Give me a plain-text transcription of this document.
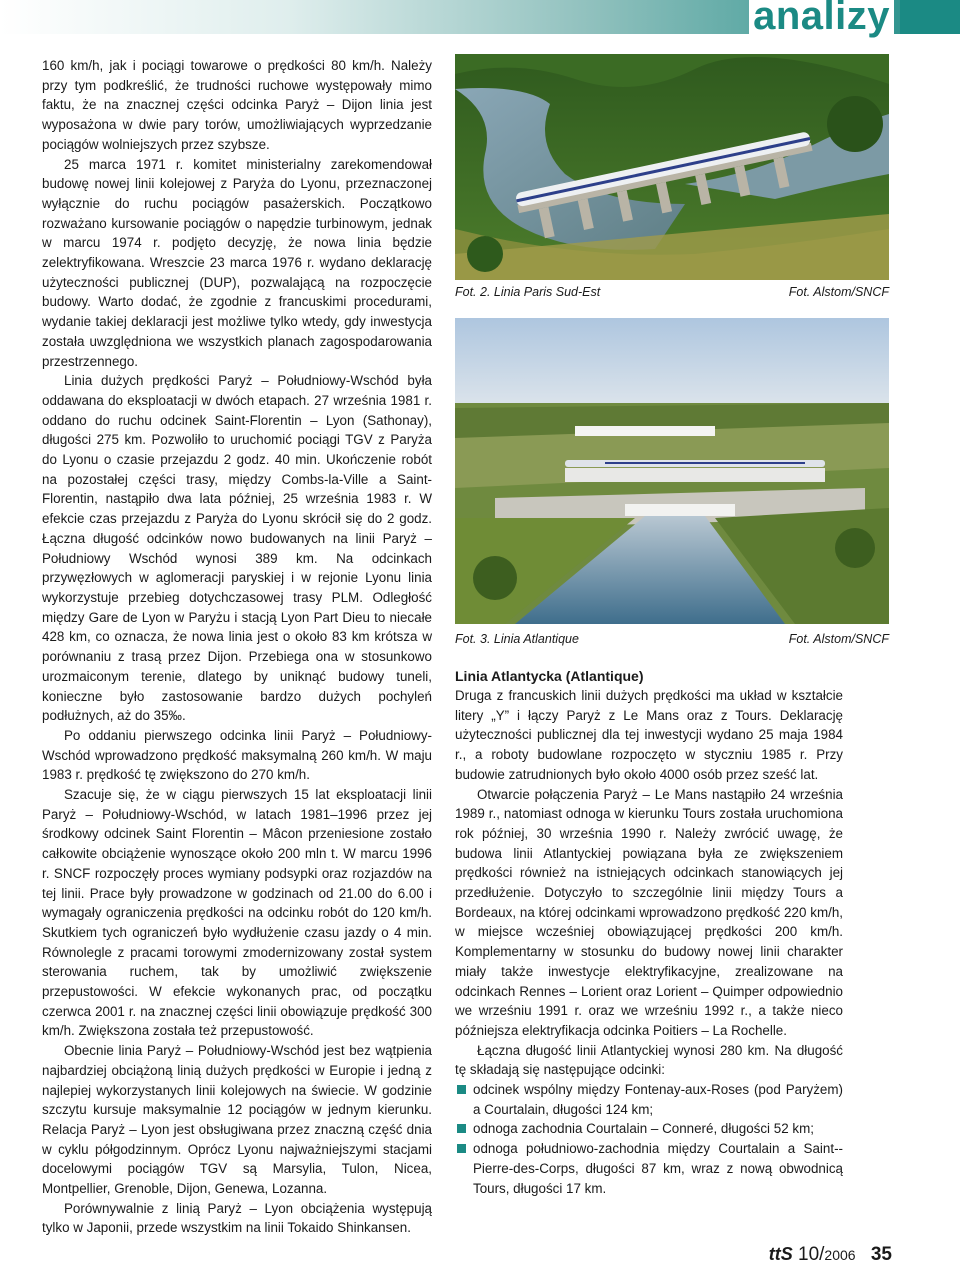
analizy

160 km/h, jak i pociągi towarowe o prędkości 80 km/h. Należy przy tym podkreślić, że trudności ruchowe występowały mimo faktu, że na znacznej części odcinka Paryż – Dijon linia jest wyposażona w dwie pary torów, umożliwiających wyprzedzanie pociągów wolniejszych przez szybsze.

25 marca 1971 r. komitet ministerialny zarekomendował budowę nowej linii kolejowej z Paryża do Lyonu, przeznaczonej wyłącznie do ruchu pociągów pasażerskich. Początkowo rozważano kursowanie pociągów o napędzie turbinowym, jednak w marcu 1974 r. podjęto decyzję, że nowa linia będzie zelektryfikowana. Wreszcie 23 marca 1976 r. wydano deklarację użyteczności publicznej (DUP), pozwalającą na rozpoczęcie budowy. Warto dodać, że zgodnie z francuskimi procedurami, wydanie takiej deklaracji jest możliwe tylko wtedy, gdy inwestycja została uwzględniona we wszystkich planach zagospodarowania przestrzennego.

Linia dużych prędkości Paryż – Południowy-Wschód była oddawana do eksploatacji w dwóch etapach. 27 września 1981 r. oddano do ruchu odcinek Saint-Florentin – Lyon (Sathonay), długości 275 km. Pozwoliło to uruchomić pociągi TGV z Paryża do Lyonu o czasie przejazdu 2 godz. 40 min. Ukończenie robót na pozostałej części trasy, między Combs-la-Ville a Saint-Florentin, nastąpiło dwa lata później, 25 września 1983 r. W efekcie czas przejazdu z Paryża do Lyonu skrócił się do 2 godz. Łączna długość odcinków nowo budowanych na linii Paryż – Południowy Wschód wynosi 389 km. Na odcinkach przywęzłowych w aglomeracji paryskiej i w rejonie Lyonu linia wykorzystuje przebieg dotychczasowej trasy PLM. Odległość między Gare de Lyon w Paryżu i stacją Lyon Part Dieu to niecałe 428 km, co oznacza, że nowa linia jest o około 83 km krótsza w porównaniu z trasą przez Dijon. Przebiega ona w stosunkowo urozmaiconym terenie, dlatego by uniknąć budowy tuneli, konieczne było zastosowanie bardzo dużych pochyleń podłużnych, aż do 35‰.

Po oddaniu pierwszego odcinka linii Paryż – Południowy-Wschód wprowadzono prędkość maksymalną 260 km/h. W maju 1983 r. prędkość tę zwiększono do 270 km/h.

Szacuje się, że w ciągu pierwszych 15 lat eksploatacji linii Paryż – Południowy-Wschód, w latach 1981–1996 przez jej środkowy odcinek Saint Florentin – Mâcon przeniesione zostało całkowite obciążenie wynoszące około 200 mln t. W marcu 1996 r. SNCF rozpoczęły proces wymiany podsypki oraz rozjazdów na tej linii. Prace były prowadzone w godzinach od 21.00 do 6.00 i wymagały ograniczenia prędkości na odcinku robót do 120 km/h. Skutkiem tych ograniczeń było wydłużenie czasu jazdy o 4 min. Równolegle z pracami torowymi zmodernizowany został system sterowania ruchem, tak by umożliwić zwiększenie przepustowości. W efekcie wykonanych prac, od początku czerwca 2001 r. na znacznej części linii obowiązuje prędkość 300 km/h. Zwiększona została też przepustowość.

Obecnie linia Paryż – Południowy-Wschód jest bez wątpienia najbardziej obciążoną linią dużych prędkości w Europie i jedną z najlepiej wykorzystanych linii kolejowych na świecie. W godzinie szczytu kursuje maksymalnie 12 pociągów w jednym kierunku. Relacja Paryż – Lyon jest obsługiwana przez znaczną część dnia w cyklu półgodzinnym. Oprócz Lyonu najważniejszymi stacjami docelowymi pociągów TGV są Marsylia, Tulon, Nicea, Montpellier, Grenoble, Dijon, Genewa, Lozanna.

Porównywalnie z linią Paryż – Lyon obciążenia występują tylko w Japonii, przede wszystkim na linii Tokaido Shinkansen.

Fot. 2. Linia Paris Sud-Est	Fot. Alstom/SNCF
Fot. 3. Linia Atlantique	Fot. Alstom/SNCF

Linia Atlantycka (Atlantique)

Druga z francuskich linii dużych prędkości ma układ w kształcie litery „Y” i łączy Paryż z Le Mans oraz z Tours. Deklarację użyteczności publicznej dla tej inwestycji wydano 25 maja 1984 r., a roboty budowlane rozpoczęto w styczniu 1985 r. Przy budowie zatrudnionych było około 4000 osób przez sześć lat.

Otwarcie połączenia Paryż – Le Mans nastąpiło 24 września 1989 r., natomiast odnoga w kierunku Tours została uruchomiona rok później, 30 września 1990 r. Należy zwrócić uwagę, że budowa linii Atlantyckiej powiązana była ze zwiększeniem prędkości również na istniejących odcinkach stanowiących jej przedłużenie. Dotyczyło to szczególnie linii między Tours a Bordeaux, na której odcinkami wprowadzono prędkość 220 km/h, w miejsce wcześniej obowiązującej prędkości 200 km/h. Komplementarny w stosunku do budowy nowej linii charakter miały także inwestycje elektryfikacyjne, zrealizowane na odcinkach Rennes – Lorient oraz Lorient – Quimper odpowiednio we wrześniu 1991 r. oraz we wrześniu 1992 r., a także nieco późniejsza elektryfikacja odcinka Poitiers – La Rochelle.

Łączna długość linii Atlantyckiej wynosi 280 km. Na długość tę składają się następujące odcinki:

odcinek wspólny między Fontenay-aux-Roses (pod Paryżem) a Courtalain, długości 124 km;
odnoga zachodnia Courtalain – Conneré, długości 52 km;
odnoga południowo-zachodnia między Courtalain a Saint--Pierre-des-Corps, długości 87 km, wraz z nową obwodnicą Tours, długości 17 km.
ttS 10/2006 35
